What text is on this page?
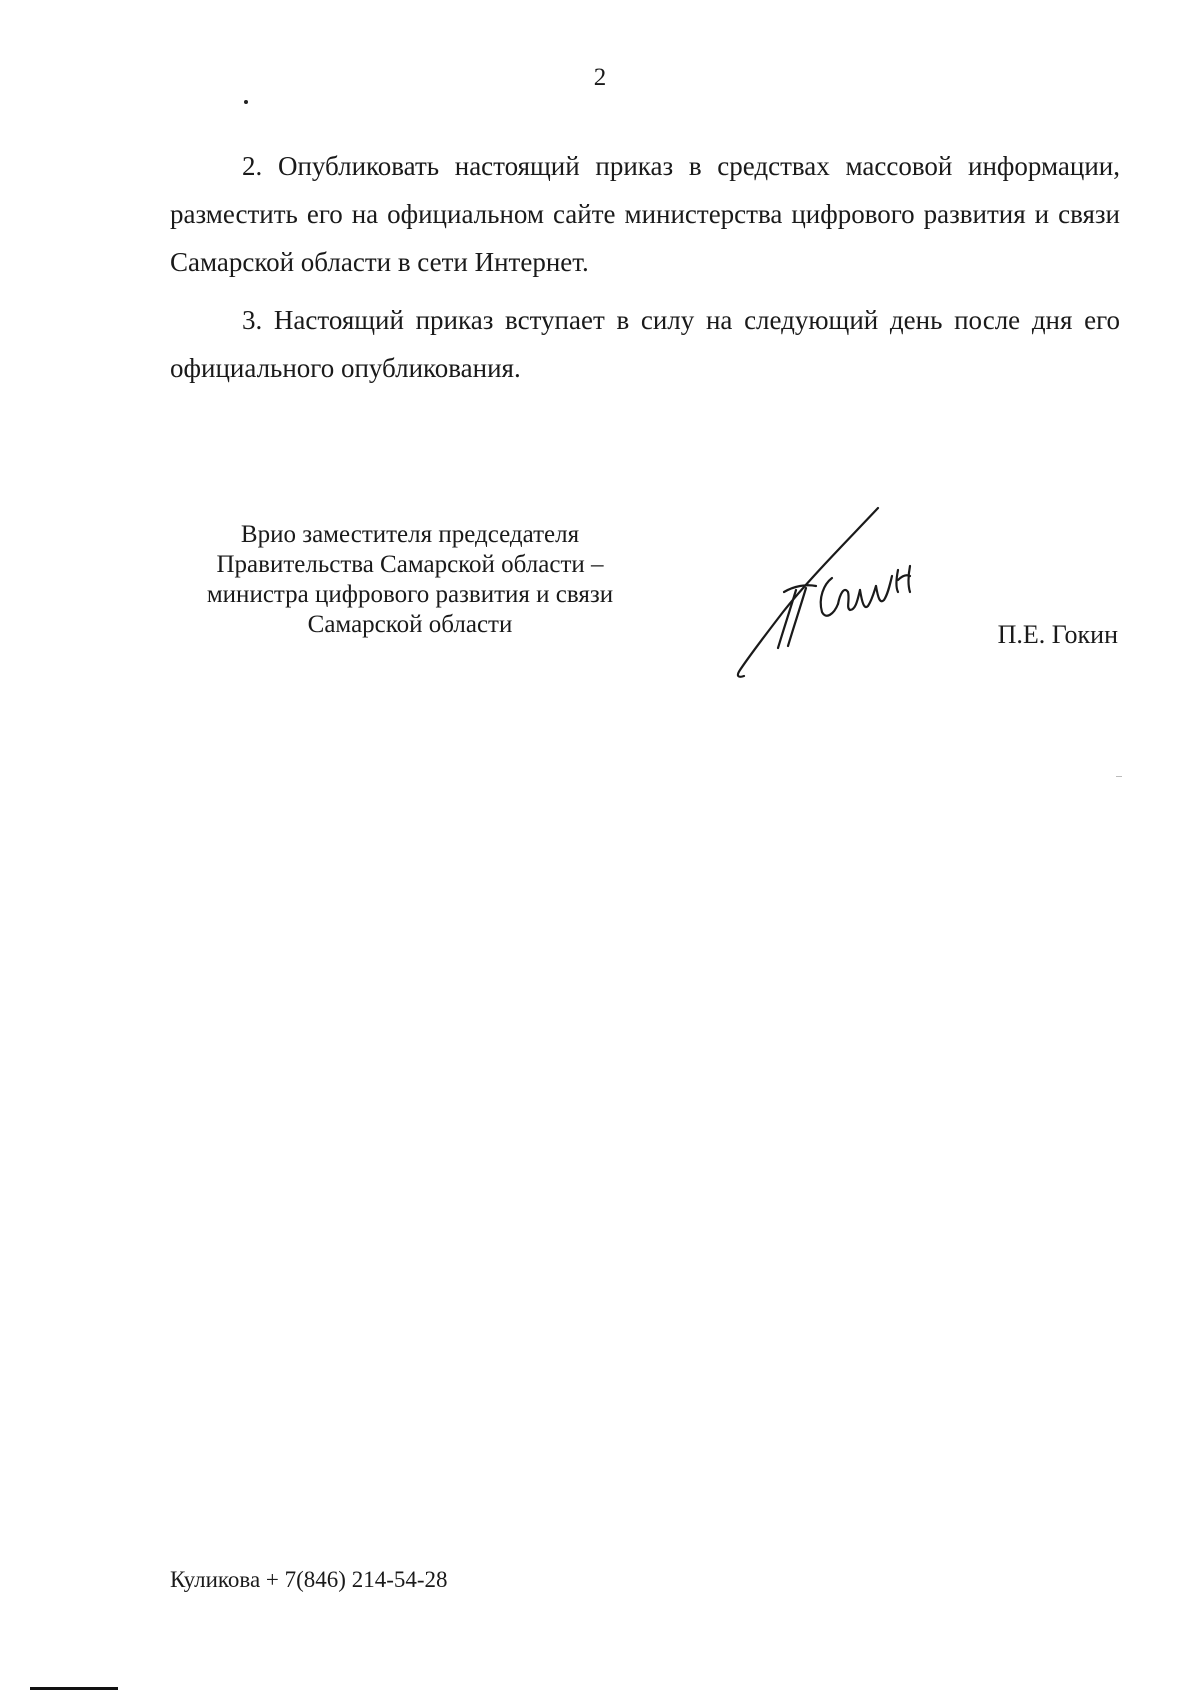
2

2. Опубликовать настоящий приказ в средствах массовой информации, разместить его на официальном сайте министерства цифрового развития и связи Самарской области в сети Интернет.

3. Настоящий приказ вступает в силу на следующий день после дня его официального опубликования.

Врио заместителя председателя
Правительства Самарской области –
министра цифрового развития и связи
Самарской области	П.Е. Гокин
Куликова + 7(846) 214-54-28
